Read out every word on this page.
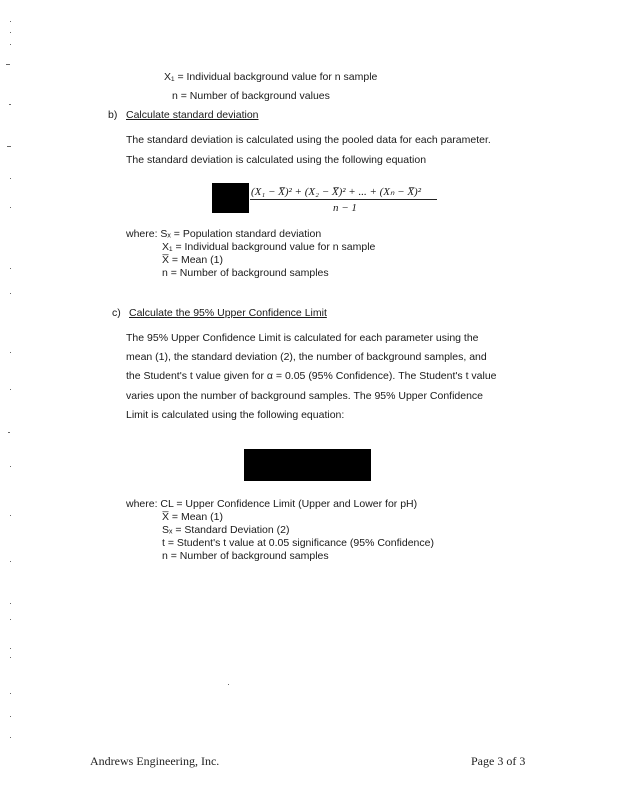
X₁ = Individual background value for n sample
n = Number of background values
b) Calculate standard deviation
The standard deviation is calculated using the pooled data for each parameter.
The standard deviation is calculated using the following equation
(X₁ − X̅)² + (X₂ − X̅)² + ... + (Xₙ − X̅)²
n − 1
where: Sₓ = Population standard deviation
X₁ = Individual background value for n sample
X̅ = Mean (1)
n = Number of background samples
c) Calculate the 95% Upper Confidence Limit
The 95% Upper Confidence Limit is calculated for each parameter using the
mean (1), the standard deviation (2), the number of background samples, and
the Student's t value given for α = 0.05 (95% Confidence). The Student's t value
varies upon the number of background samples. The 95% Upper Confidence
Limit is calculated using the following equation:
where: CL = Upper Confidence Limit (Upper and Lower for pH)
X̅ = Mean (1)
Sₓ = Standard Deviation (2)
t = Student's t value at 0.05 significance (95% Confidence)
n = Number of background samples
Andrews Engineering, Inc.	Page 3 of 3
